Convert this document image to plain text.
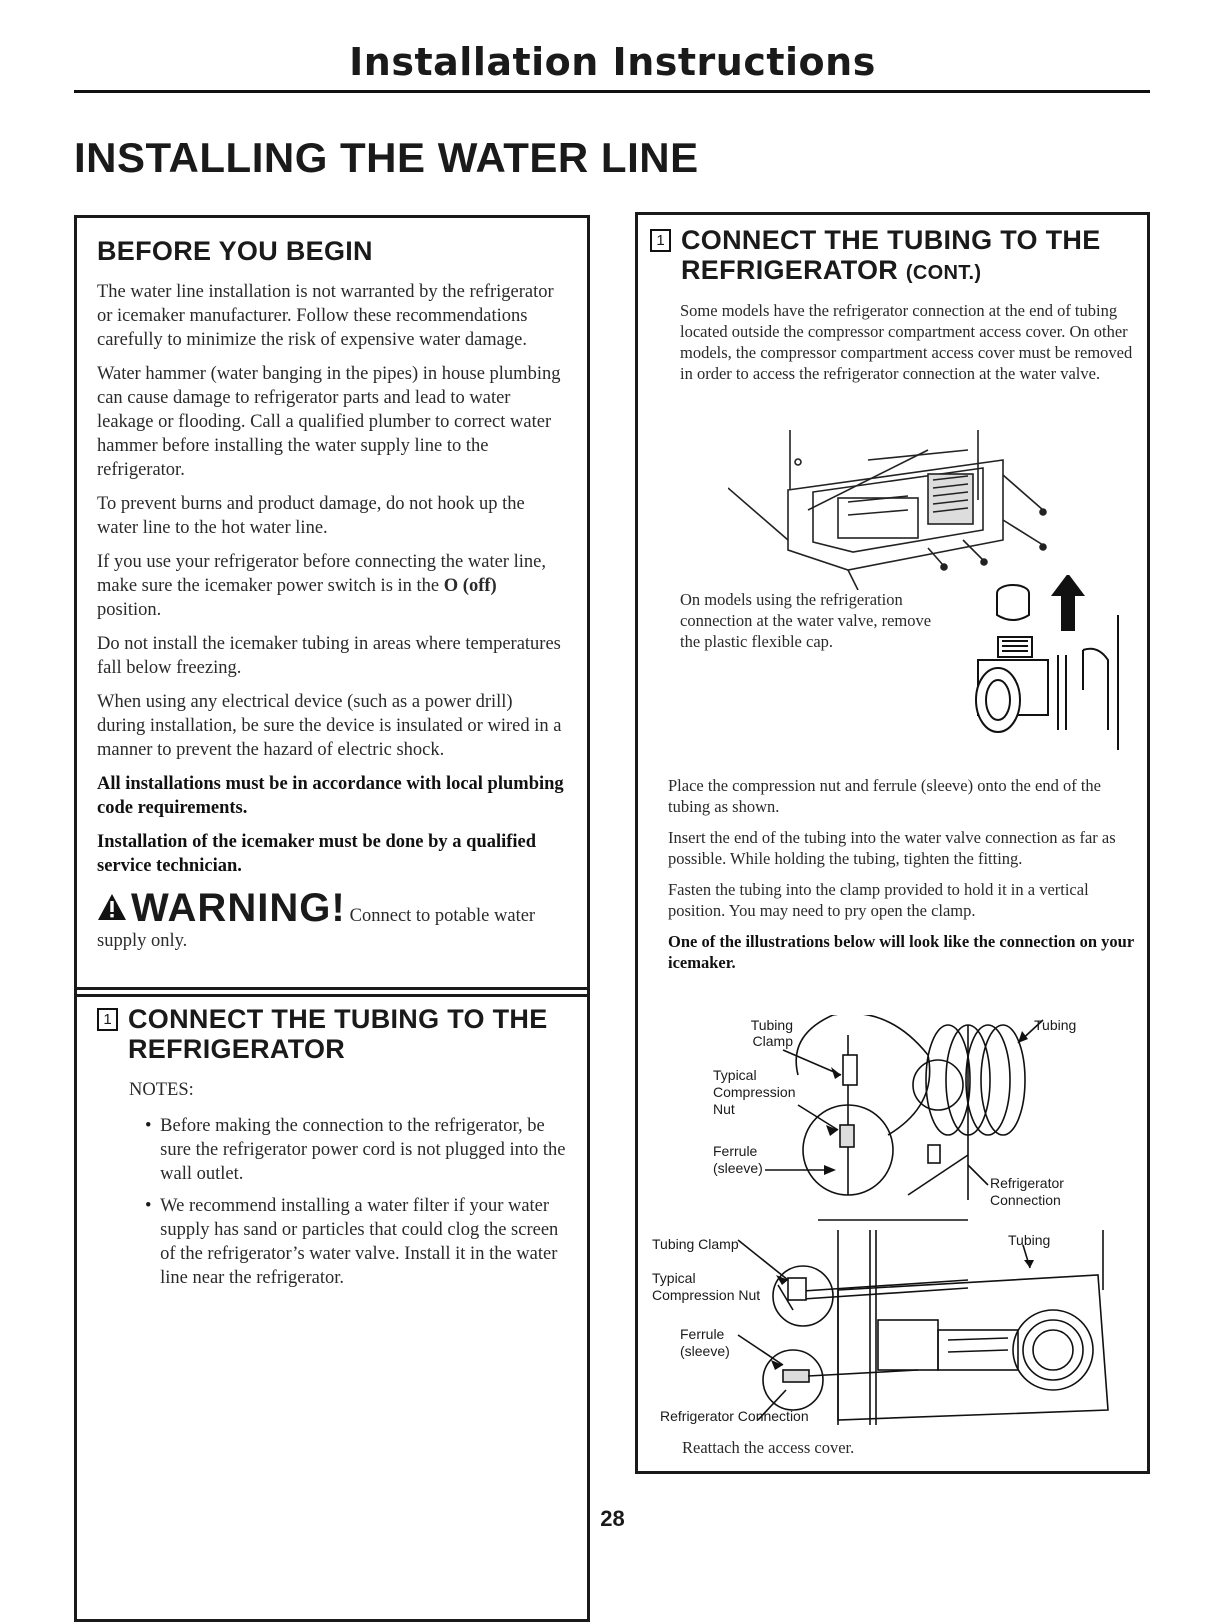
Installation Instructions
INSTALLING THE WATER LINE
BEFORE YOU BEGIN

The water line installation is not warranted by the refrigerator or icemaker manufacturer. Follow these recommendations carefully to minimize the risk of expensive water damage.

Water hammer (water banging in the pipes) in house plumbing can cause damage to refrigerator parts and lead to water leakage or flooding. Call a qualified plumber to correct water hammer before installing the water supply line to the refrigerator.

To prevent burns and product damage, do not hook up the water line to the hot water line.

If you use your refrigerator before connecting the water line, make sure the icemaker power switch is in the O (off) position.

Do not install the icemaker tubing in areas where temperatures fall below freezing.

When using any electrical device (such as a power drill) during installation, be sure the device is insulated or wired in a manner to prevent the hazard of electric shock.

All installations must be in accordance with local plumbing code requirements.

Installation of the icemaker must be done by a qualified service technician.

WARNING! Connect to potable water supply only.
1 CONNECT THE TUBING TO THE
REFRIGERATOR

NOTES:

• Before making the connection to the refrigerator, be sure the refrigerator power cord is not plugged into the wall outlet.

• We recommend installing a water filter if your water supply has sand or particles that could clog the screen of the refrigerator’s water valve. Install it in the water line near the refrigerator.

1 CONNECT THE TUBING TO THE
REFRIGERATOR (CONT.)

Some models have the refrigerator connection at the end of tubing located outside the compressor compartment access cover. On other models, the compressor compartment access cover must be removed in order to access the refrigerator connection at the water valve.

On models using the refrigeration connection at the water valve, remove the plastic flexible cap.

Place the compression nut and ferrule (sleeve) onto the end of the tubing as shown.

Insert the end of the tubing into the water valve connection as far as possible. While holding the tubing, tighten the fitting.

Fasten the tubing into the clamp provided to hold it in a vertical position. You may need to pry open the clamp.

One of the illustrations below will look like the connection on your icemaker.

Tubing Clamp
Tubing
Typical Compression Nut
Ferrule (sleeve)
Refrigerator Connection
Tubing Clamp	Tubing
Typical Compression Nut
Ferrule (sleeve)
Refrigerator Connection

Reattach the access cover.

28
